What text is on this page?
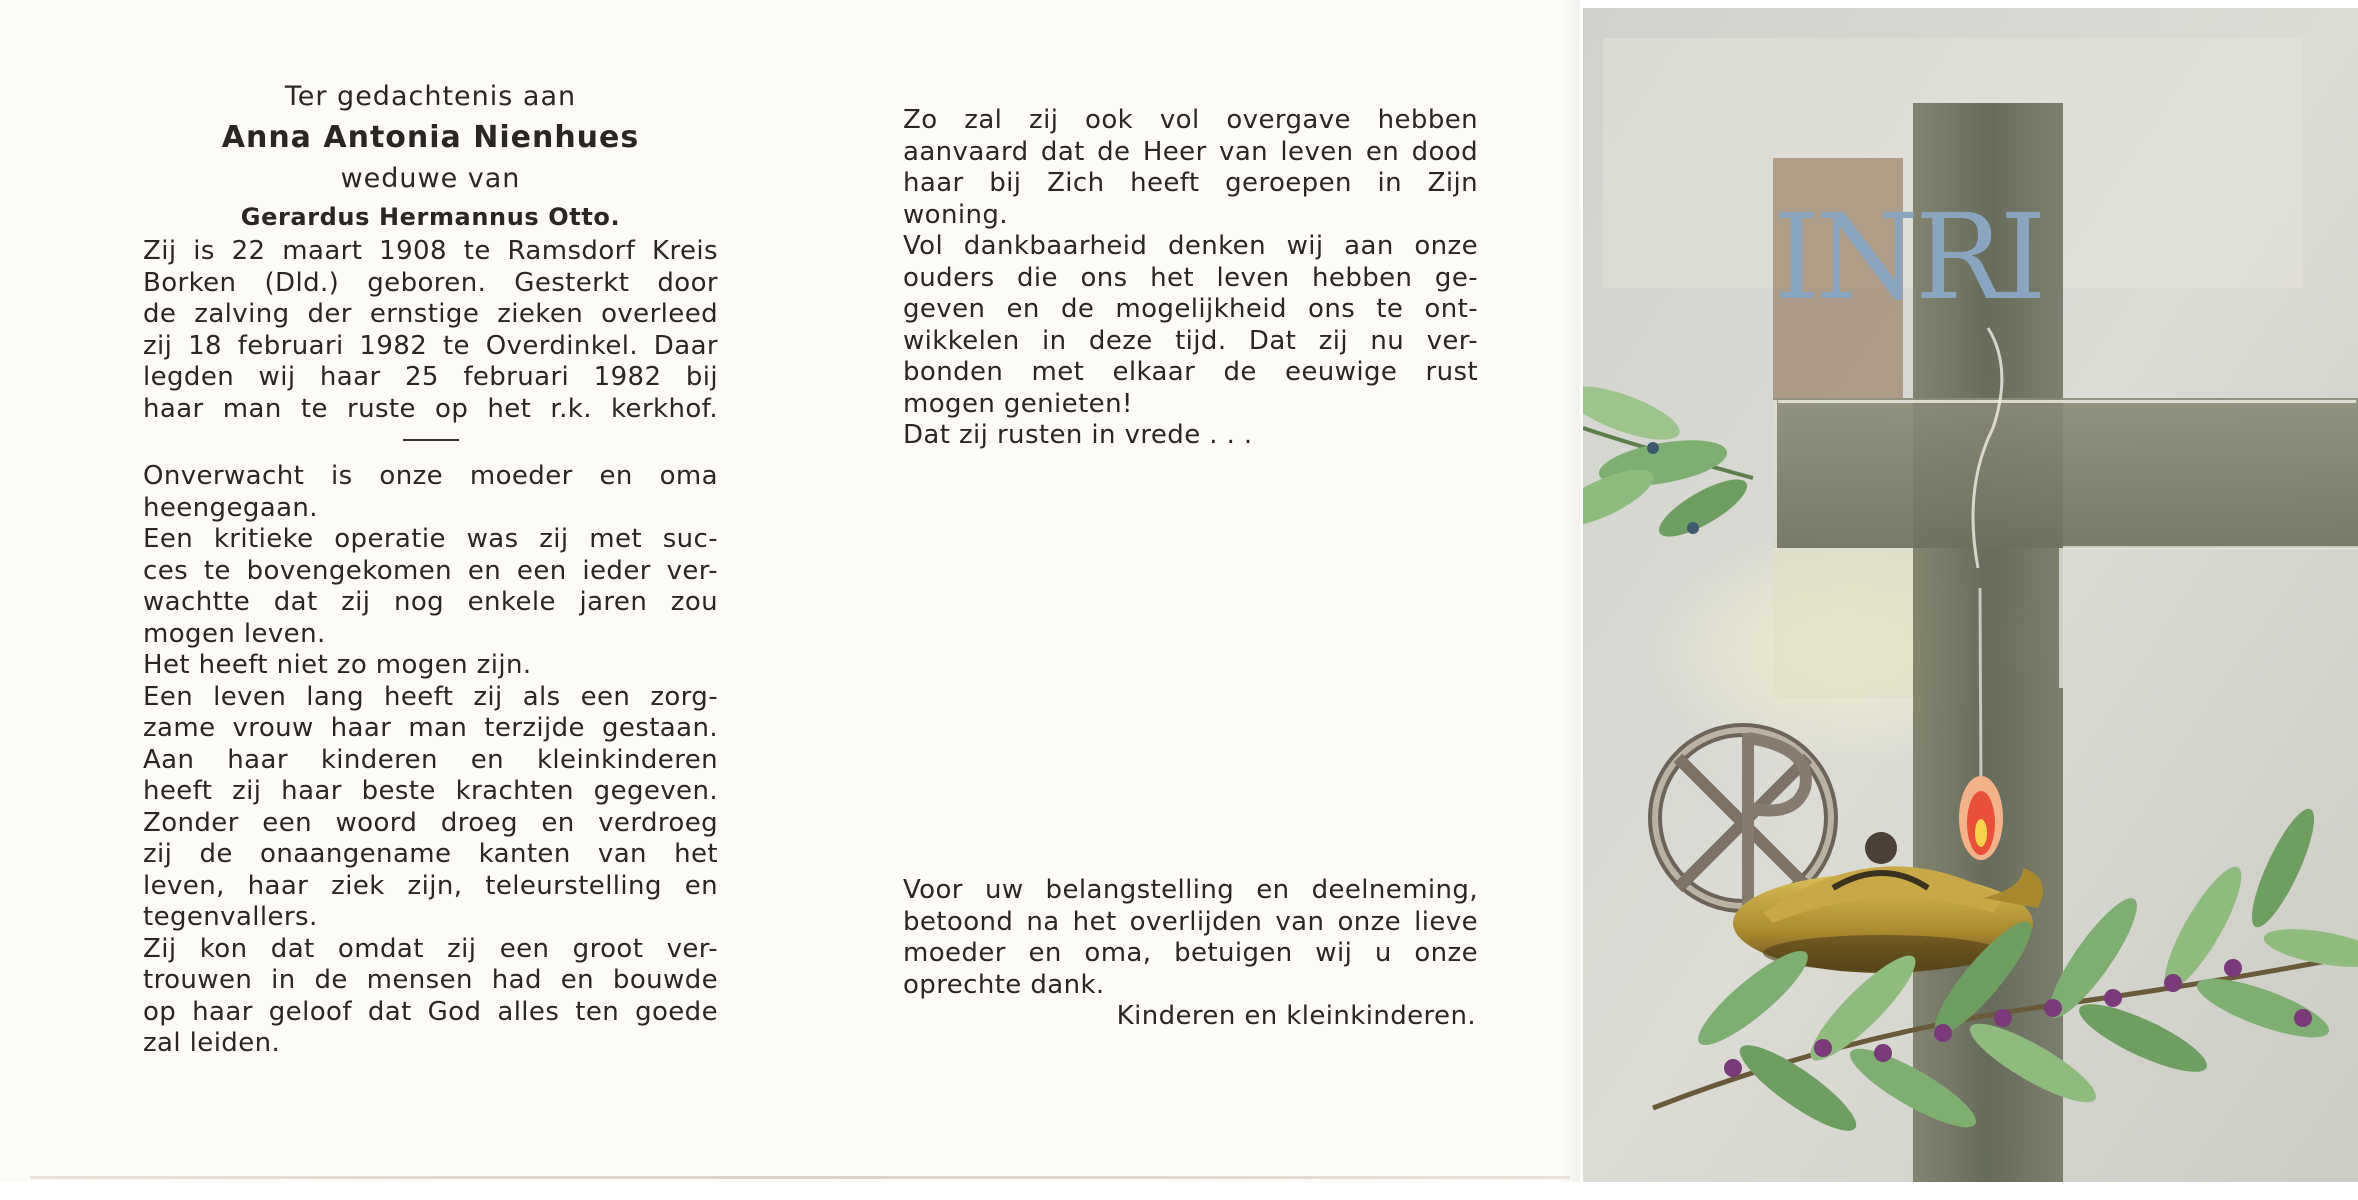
Ter gedachtenis aan
Anna Antonia Nienhues
weduwe van
Gerardus Hermannus Otto.
Zij is 22 maart 1908 te Ramsdorf Kreis
Borken (Dld.) geboren. Gesterkt door
de zalving der ernstige zieken overleed
zij 18 februari 1982 te Overdinkel. Daar
legden wij haar 25 februari 1982 bij
haar man te ruste op het r.k. kerkhof.
Onverwacht is onze moeder en oma
heengegaan.
Een kritieke operatie was zij met suc-
ces te bovengekomen en een ieder ver-
wachtte dat zij nog enkele jaren zou
mogen leven.
Het heeft niet zo mogen zijn.
Een leven lang heeft zij als een zorg-
zame vrouw haar man terzijde gestaan.
Aan haar kinderen en kleinkinderen
heeft zij haar beste krachten gegeven.
Zonder een woord droeg en verdroeg
zij de onaangename kanten van het
leven, haar ziek zijn, teleurstelling en
tegenvallers.
Zij kon dat omdat zij een groot ver-
trouwen in de mensen had en bouwde
op haar geloof dat God alles ten goede
zal leiden.
Zo zal zij ook vol overgave hebben
aanvaard dat de Heer van leven en dood
haar bij Zich heeft geroepen in Zijn
woning.
Vol dankbaarheid denken wij aan onze
ouders die ons het leven hebben ge-
geven en de mogelijkheid ons te ont-
wikkelen in deze tijd. Dat zij nu ver-
bonden met elkaar de eeuwige rust
mogen genieten!
Dat zij rusten in vrede . . .
Voor uw belangstelling en deelneming,
betoond na het overlijden van onze lieve
moeder en oma, betuigen wij u onze
oprechte dank.
Kinderen en kleinkinderen.
INRI
